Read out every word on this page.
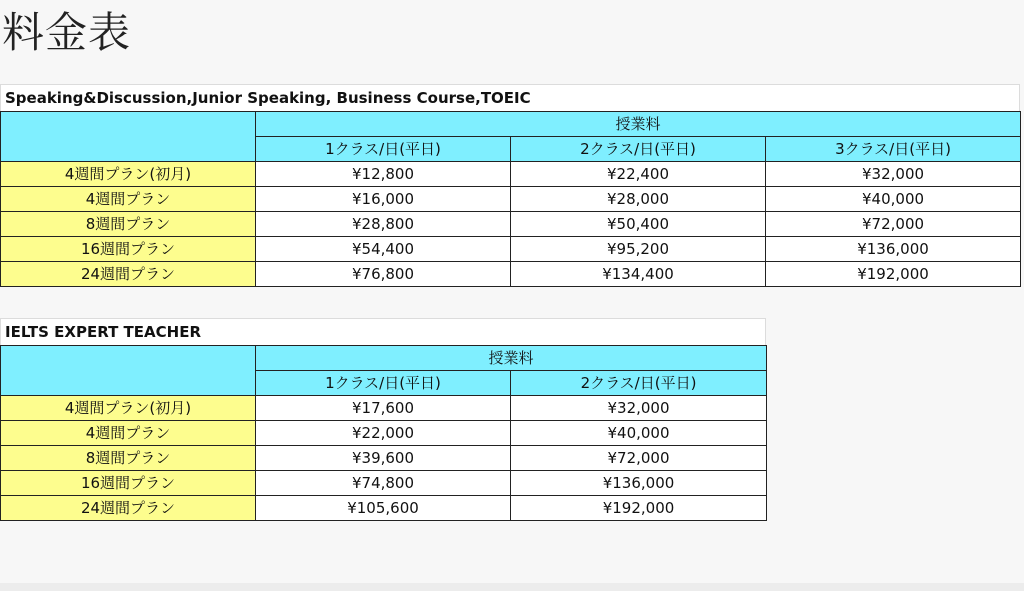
料金表
Speaking&Discussion,Junior Speaking, Business Course,TOEIC
	授業料		
	1クラス/日(平日)	2クラス/日(平日)	3クラス/日(平日)
4週間プラン(初月)	¥12,800	¥22,400	¥32,000
4週間プラン	¥16,000	¥28,000	¥40,000
8週間プラン	¥28,800	¥50,400	¥72,000
16週間プラン	¥54,400	¥95,200	¥136,000
24週間プラン	¥76,800	¥134,400	¥192,000
IELTS EXPERT TEACHER
	授業料	
	1クラス/日(平日)	2クラス/日(平日)
4週間プラン(初月)	¥17,600	¥32,000
4週間プラン	¥22,000	¥40,000
8週間プラン	¥39,600	¥72,000
16週間プラン	¥74,800	¥136,000
24週間プラン	¥105,600	¥192,000
